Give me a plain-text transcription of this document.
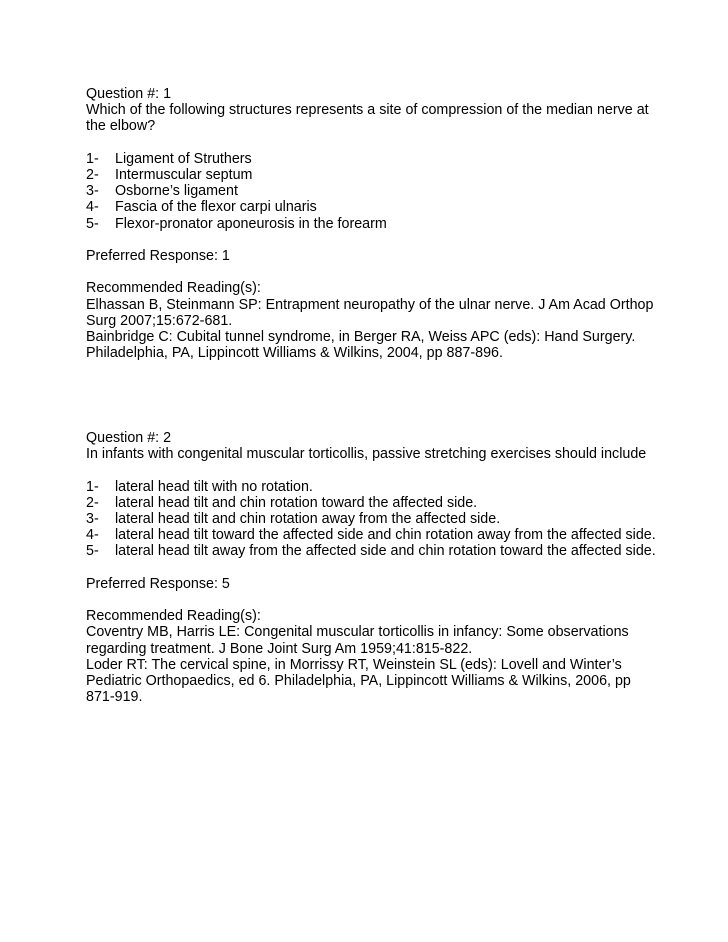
Question #: 1
Which of the following structures represents a site of compression of the median nerve at
the elbow?
1-	Ligament of Struthers
2-	Intermuscular septum
3-	Osborne’s ligament
4-	Fascia of the flexor carpi ulnaris
5-	Flexor-pronator aponeurosis in the forearm
Preferred Response: 1
Recommended Reading(s):
Elhassan B, Steinmann SP: Entrapment neuropathy of the ulnar nerve. J Am Acad Orthop
Surg 2007;15:672-681.
Bainbridge C: Cubital tunnel syndrome, in Berger RA, Weiss APC (eds): Hand Surgery.
Philadelphia, PA, Lippincott Williams & Wilkins, 2004, pp 887-896.
Question #: 2
In infants with congenital muscular torticollis, passive stretching exercises should include
1-	lateral head tilt with no rotation.
2-	lateral head tilt and chin rotation toward the affected side.
3-	lateral head tilt and chin rotation away from the affected side.
4-	lateral head tilt toward the affected side and chin rotation away from the affected side.
5-	lateral head tilt away from the affected side and chin rotation toward the affected side.
Preferred Response: 5
Recommended Reading(s):
Coventry MB, Harris LE: Congenital muscular torticollis in infancy: Some observations
regarding treatment. J Bone Joint Surg Am 1959;41:815-822.
Loder RT: The cervical spine, in Morrissy RT, Weinstein SL (eds): Lovell and Winter’s
Pediatric Orthopaedics, ed 6. Philadelphia, PA, Lippincott Williams & Wilkins, 2006, pp
871-919.
